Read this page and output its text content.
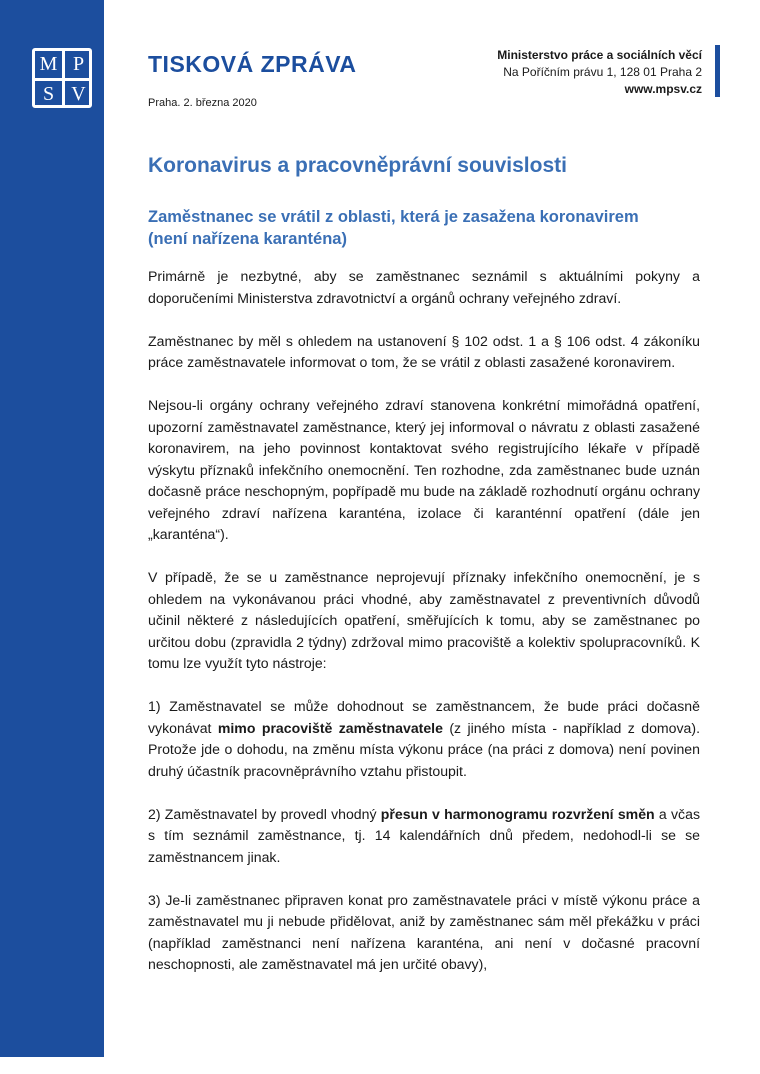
M P
S V
TISKOVÁ ZPRÁVA
Praha. 2. března 2020
Ministerstvo práce a sociálních věcí
Na Poříčním právu 1, 128 01 Praha 2
www.mpsv.cz
Koronavirus a pracovněprávní souvislosti
Zaměstnanec se vrátil z oblasti, která je zasažena koronavirem
(není nařízena karanténa)

Primárně je nezbytné, aby se zaměstnanec seznámil s aktuálními pokyny a doporučeními Ministerstva zdravotnictví a orgánů ochrany veřejného zdraví.

Zaměstnanec by měl s ohledem na ustanovení § 102 odst. 1 a § 106 odst. 4 zákoníku práce zaměstnavatele informovat o tom, že se vrátil z oblasti zasažené koronavirem.

Nejsou-li orgány ochrany veřejného zdraví stanovena konkrétní mimořádná opatření, upozorní zaměstnavatel zaměstnance, který jej informoval o návratu z oblasti zasažené koronavirem, na jeho povinnost kontaktovat svého registrujícího lékaře v případě výskytu příznaků infekčního onemocnění. Ten rozhodne, zda zaměstnanec bude uznán dočasně práce neschopným, popřípadě mu bude na základě rozhodnutí orgánu ochrany veřejného zdraví nařízena karanténa, izolace či karanténní opatření (dále jen „karanténa“).

V případě, že se u zaměstnance neprojevují příznaky infekčního onemocnění, je s ohledem na vykonávanou práci vhodné, aby zaměstnavatel z preventivních důvodů učinil některé z následujících opatření, směřujících k tomu, aby se zaměstnanec po určitou dobu (zpravidla 2 týdny) zdržoval mimo pracoviště a kolektiv spolupracovníků. K tomu lze využít tyto nástroje:

1) Zaměstnavatel se může dohodnout se zaměstnancem, že bude práci dočasně vykonávat mimo pracoviště zaměstnavatele (z jiného místa - například z domova). Protože jde o dohodu, na změnu místa výkonu práce (na práci z domova) není povinen druhý účastník pracovněprávního vztahu přistoupit.

2) Zaměstnavatel by provedl vhodný přesun v harmonogramu rozvržení směn a včas s tím seznámil zaměstnance, tj. 14 kalendářních dnů předem, nedohodl-li se se zaměstnancem jinak.

3) Je-li zaměstnanec připraven konat pro zaměstnavatele práci v místě výkonu práce a zaměstnavatel mu ji nebude přidělovat, aniž by zaměstnanec sám měl překážku v práci (například zaměstnanci není nařízena karanténa, ani není v dočasné pracovní neschopnosti, ale zaměstnavatel má jen určité obavy),
